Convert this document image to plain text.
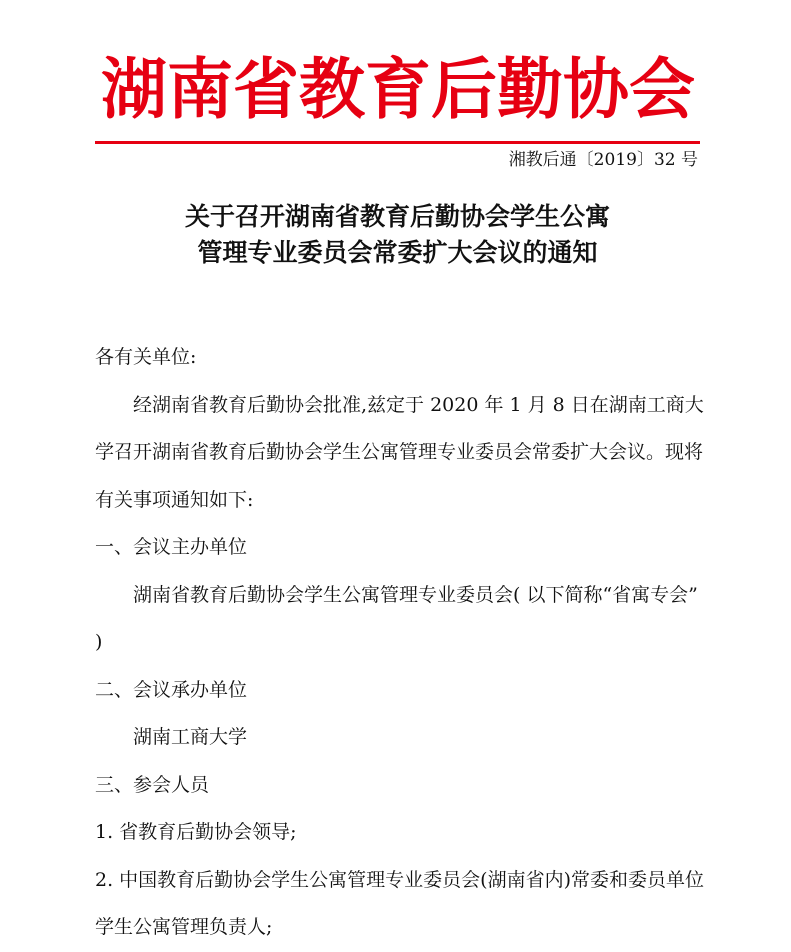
湖南省教育后勤协会
湘教后通〔2019〕32 号
关于召开湖南省教育后勤协会学生公寓
管理专业委员会常委扩大会议的通知

各有关单位:

经湖南省教育后勤协会批准,兹定于 2020 年 1 月 8 日在湖南工商大学召开湖南省教育后勤协会学生公寓管理专业委员会常委扩大会议。现将有关事项通知如下:

一、会议主办单位

湖南省教育后勤协会学生公寓管理专业委员会( 以下简称“省寓专会” )

二、会议承办单位

湖南工商大学

三、参会人员

1. 省教育后勤协会领导;

2. 中国教育后勤协会学生公寓管理专业委员会(湖南省内)常委和委员单位学生公寓管理负责人;
